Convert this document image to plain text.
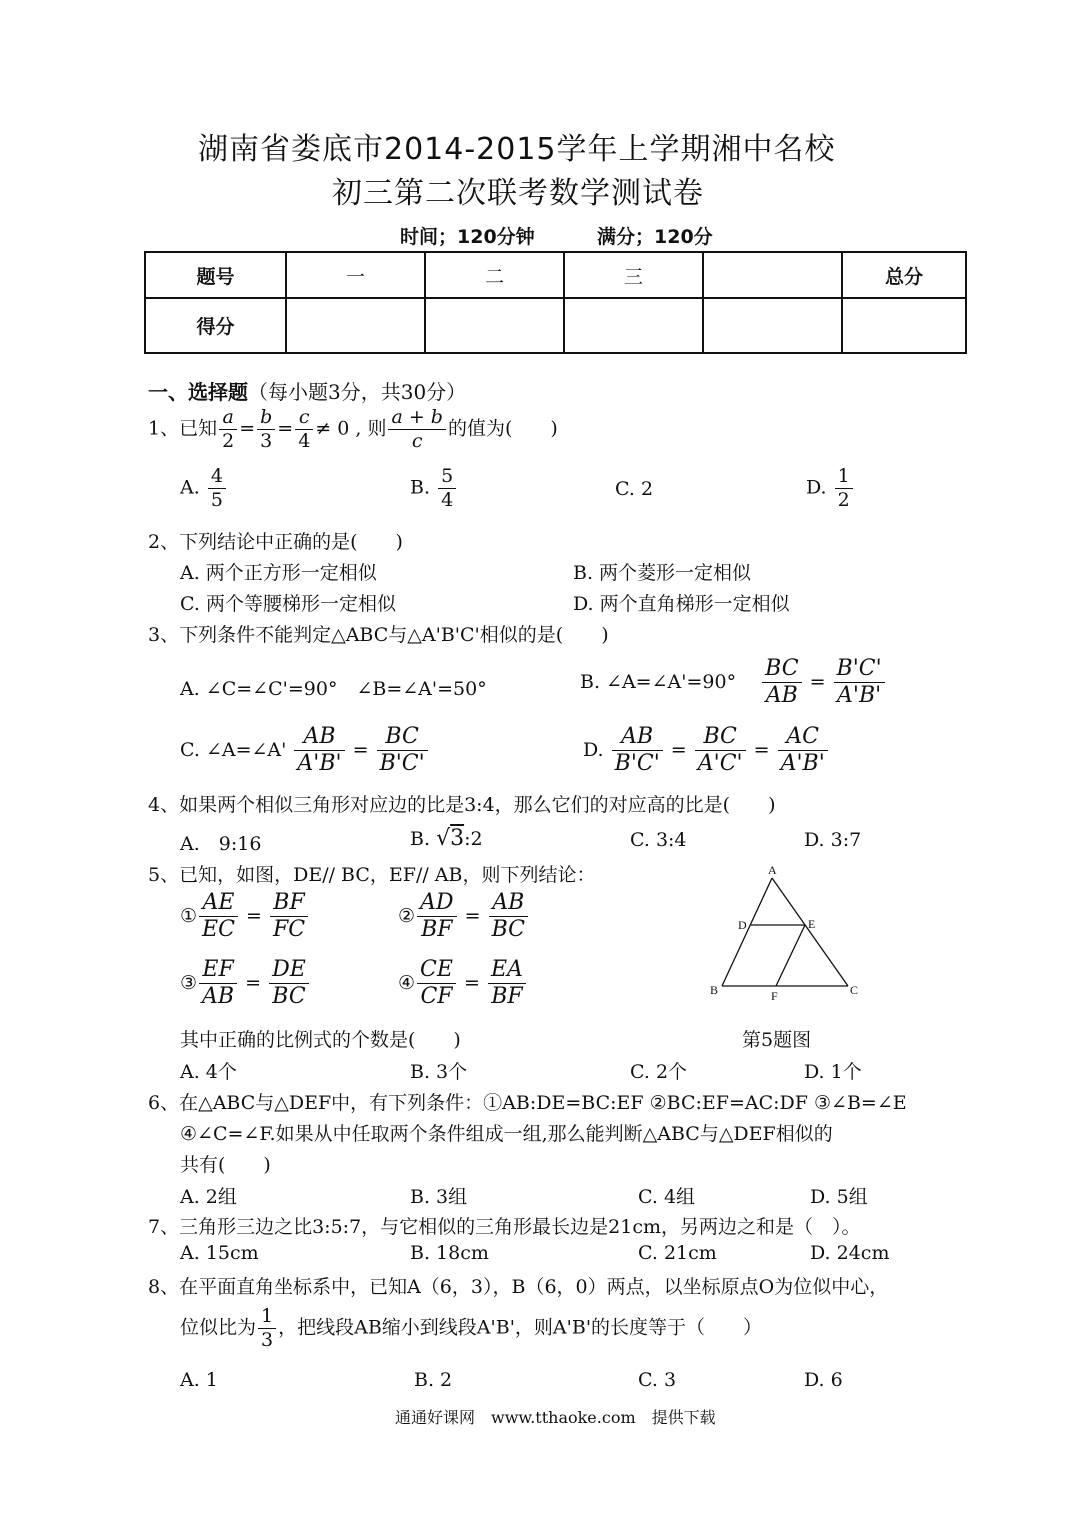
湖南省娄底市2014-2015学年上学期湘中名校
初三第二次联考数学测试卷
时间；120分钟	满分；120分
题号	一	二	三		总分
得分					
一、选择题（每小题3分，共30分）
1、已知 $\frac{a}{2} = \frac{b}{3} = \frac{c}{4} \ne 0$ , 则 $\frac{a + b}{c}$ 的值为(　　)
A. $\frac{4}{5}$	B. $\frac{5}{4}$	C. 2	D. $\frac{1}{2}$
2、下列结论中正确的是(　　)
A. 两个正方形一定相似	B. 两个菱形一定相似
C. 两个等腰梯形一定相似	D. 两个直角梯形一定相似
3、下列条件不能判定△ABC与△A'B'C'相似的是(　　)
A. ∠C=∠C'=90°　∠B=∠A'=50°	B. ∠A=∠A'=90° $\frac{BC}{AB} = \frac{B'C'}{A'B'}$
C. ∠A=∠A' $\frac{AB}{A'B'} = \frac{BC}{B'C'}$	D. $\frac{AB}{B'C'} = \frac{BC}{A'C'} = \frac{AC}{A'B'}$
4、如果两个相似三角形对应边的比是3:4，那么它们的对应高的比是(　　)
A.　9:16	B. √3:2	C. 3:4	D. 3:7
5、已知，如图，DE// BC，EF// AB，则下列结论：
① $\frac{AE}{EC} = \frac{BF}{FC}$	② $\frac{AD}{BF} = \frac{AB}{BC}$
③ $\frac{EF}{AB} = \frac{DE}{BC}$	④ $\frac{CE}{CF} = \frac{EA}{BF}$
A
D	E
B	F	C
其中正确的比例式的个数是(　　)	第5题图
A. 4个	B. 3个	C. 2个	D. 1个
6、在△ABC与△DEF中，有下列条件：①AB:DE=BC:EF ②BC:EF=AC:DF ③∠B=∠E
④∠C=∠F.如果从中任取两个条件组成一组,那么能判断△ABC与△DEF相似的
共有(　　)
A. 2组	B. 3组	C. 4组	D. 5组
7、三角形三边之比3:5:7，与它相似的三角形最长边是21cm，另两边之和是（　）。
A. 15cm	B. 18cm	C. 21cm	D. 24cm
8、在平面直角坐标系中，已知A（6，3），B（6，0）两点，以坐标原点O为位似中心，
位似比为 $\frac{1}{3}$ ，把线段AB缩小到线段A'B'，则A'B'的长度等于（　　）
A. 1	B. 2	C. 3	D. 6
通通好课网　www.tthaoke.com　提供下载
